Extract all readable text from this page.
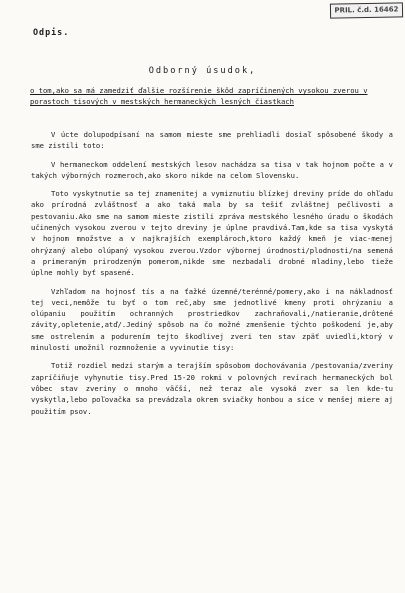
PRIL. č.d. 16462
Odpis.
Odborný úsudok,
o tom,ako sa má zamedziť ďalšie rozšírenie škôd zapríčinených vysokou zverou v porastoch tisových v mestských hermaneckých lesných čiastkach

V úcte dolupodpísaní na samom mieste sme prehliadli dosiaľ spôsobené škody a sme zistili toto:

V hermaneckom oddelení mestských lesov nachádza sa tisa v tak hojnom počte a v takých výborných rozmeroch,ako skoro nikde na celom Slovensku.

Toto vyskytnutie sa tej znamenitej a vymiznutiu blízkej dreviny príde do ohľadu ako prírodná zvláštnosť a ako taká mala by sa tešiť zvláštnej pečlivosti a pestovaniu.Ako sme na samom mieste zistili zpráva mestského lesného úradu o škodách učinených vysokou zverou v tejto dreviny je úplne pravdivá.Tam,kde sa tisa vyskytá v hojnom množstve a v najkrajších exemplároch,ktoro každý kmeň je viac-menej ohrýzaný alebo olúpaný vysokou zverou.Vzdor výbornej úrodnosti/plodnosti/na semená a primeraným prirodzeným pomerom,nikde sme nezbadali drobné mladiny,lebo tieže úplne mohly byť spasené.

Vzhľadom na hojnosť tís a na ťažké územné/terénné/pomery,ako i na nákladnosť tej veci,nemôže tu byť o tom reč,aby sme jednotlivé kmeny proti ohrýzaniu a olúpaniu použitím ochranných prostriedkov zachraňovali,/natieranie,drôtené závity,opletenie,atď/.Jediný spôsob na čo možné zmenšenie týchto poškodení je,aby sme ostrelením a podurením tejto škodlivej zveri ten stav zpäť uviedli,ktorý v minulosti umožnil rozmnoženie a vyvinutie tisy:

Totiž rozdiel medzi starým a terajším spôsobom dochovávania /pestovania/zveriny zapríčiňuje vyhynutie tisy.Pred 15-20 rokmi v polovných revírach hermaneckých bol vôbec stav zveriny o mnoho väčší, než teraz ale vysoká zver sa len kde-tu vyskytla,lebo poľovačka sa prevádzala okrem sviačky honbou a síce v menšej miere aj použitím psov.
